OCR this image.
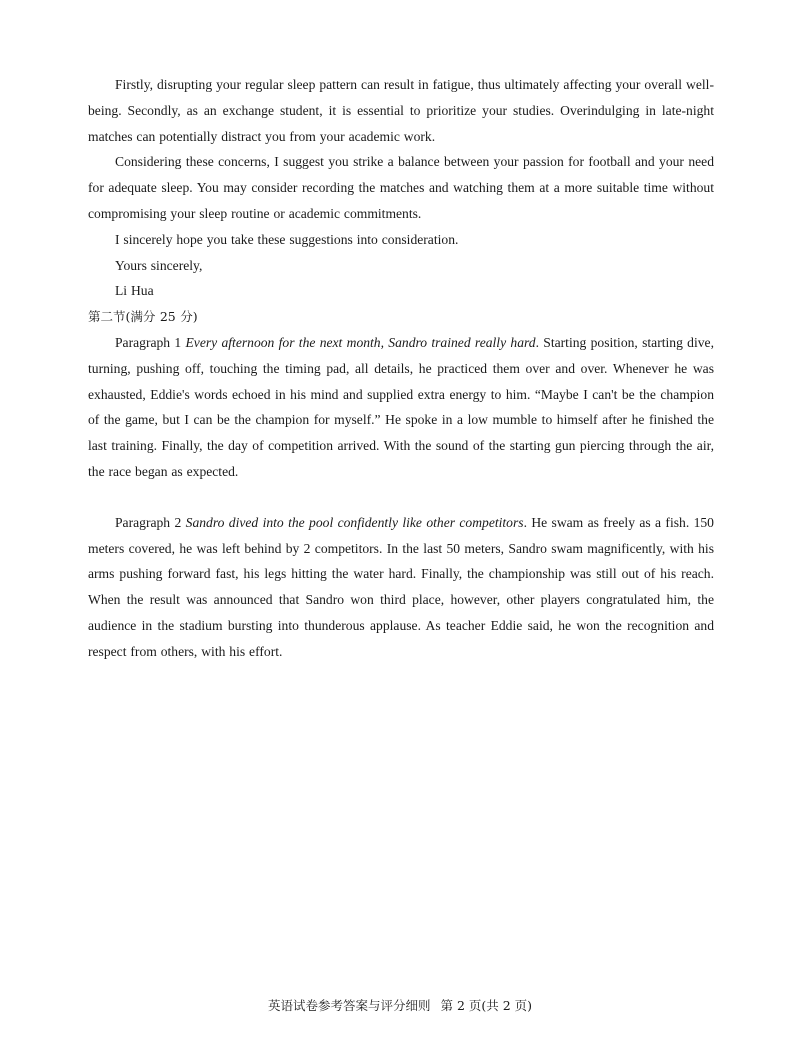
Firstly, disrupting your regular sleep pattern can result in fatigue, thus ultimately affecting your overall well-being. Secondly, as an exchange student, it is essential to prioritize your studies. Overindulging in late-night matches can potentially distract you from your academic work.

Considering these concerns, I suggest you strike a balance between your passion for football and your need for adequate sleep. You may consider recording the matches and watching them at a more suitable time without compromising your sleep routine or academic commitments.

I sincerely hope you take these suggestions into consideration.

Yours sincerely,

Li Hua

第二节(满分 25 分)

Paragraph 1 Every afternoon for the next month, Sandro trained really hard. Starting position, starting dive, turning, pushing off, touching the timing pad, all details, he practiced them over and over. Whenever he was exhausted, Eddie's words echoed in his mind and supplied extra energy to him. “Maybe I can't be the champion of the game, but I can be the champion for myself.” He spoke in a low mumble to himself after he finished the last training. Finally, the day of competition arrived. With the sound of the starting gun piercing through the air, the race began as expected.

Paragraph 2 Sandro dived into the pool confidently like other competitors. He swam as freely as a fish. 150 meters covered, he was left behind by 2 competitors. In the last 50 meters, Sandro swam magnificently, with his arms pushing forward fast, his legs hitting the water hard. Finally, the championship was still out of his reach. When the result was announced that Sandro won third place, however, other players congratulated him, the audience in the stadium bursting into thunderous applause. As teacher Eddie said, he won the recognition and respect from others, with his effort.

英语试卷参考答案与评分细则 第 2 页(共 2 页)
